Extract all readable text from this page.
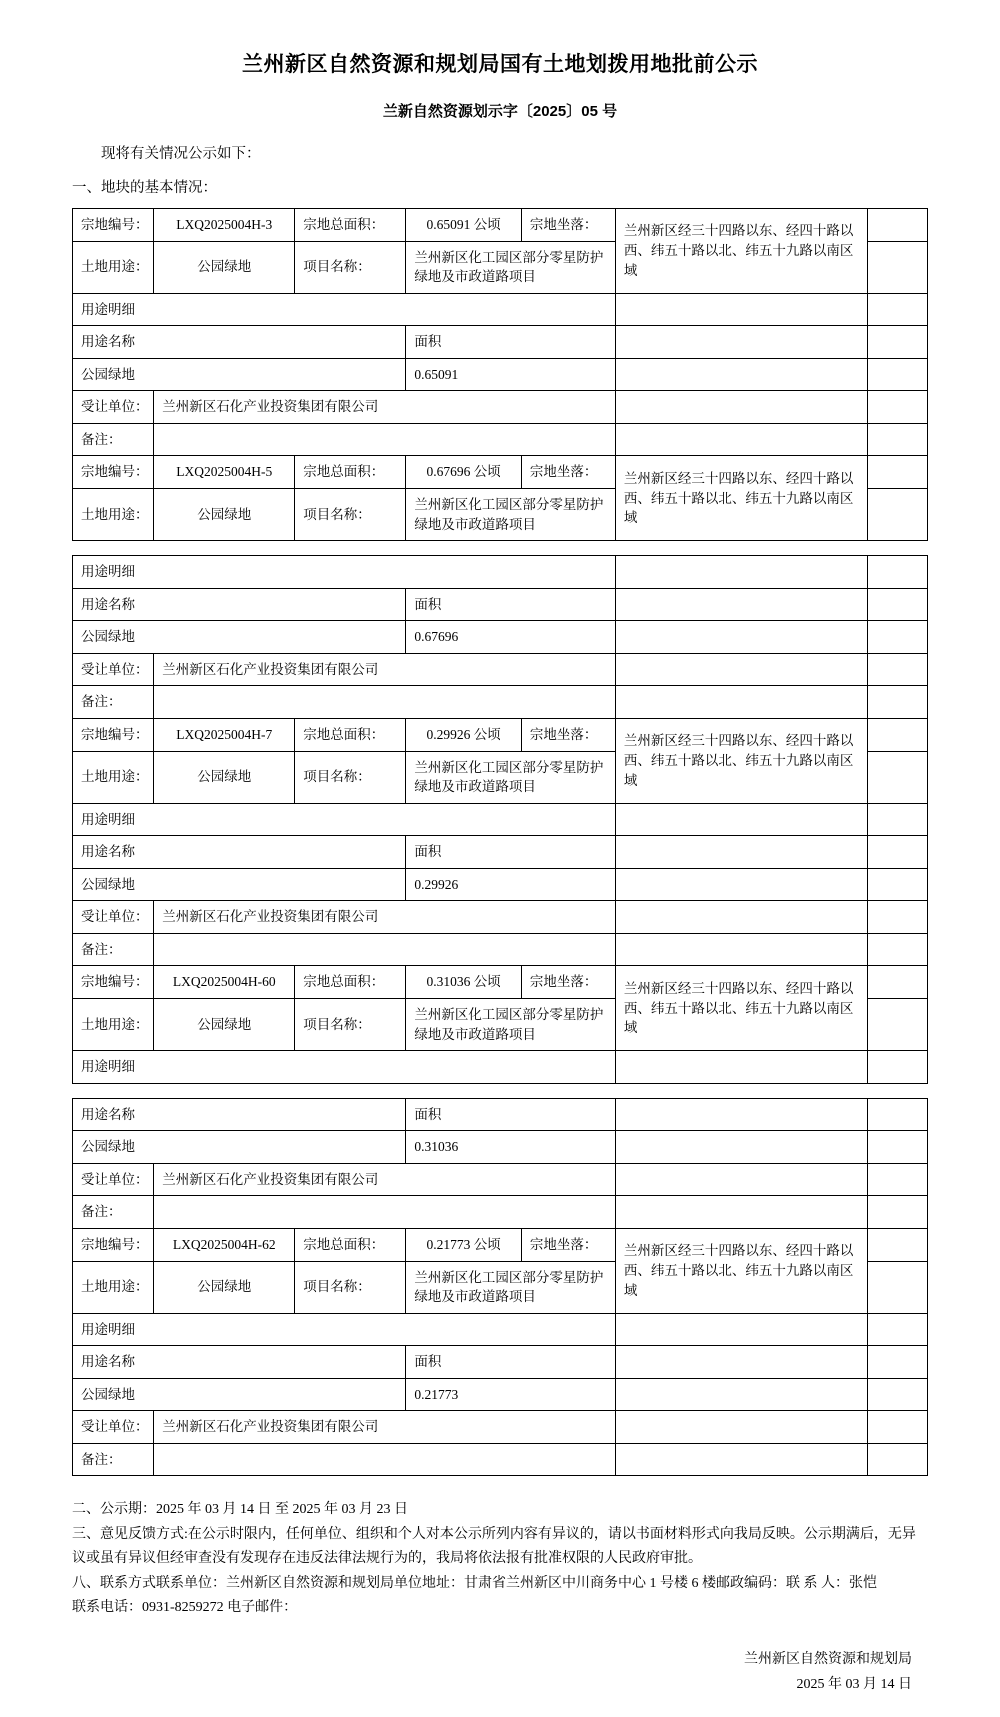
兰州新区自然资源和规划局国有土地划拨用地批前公示
兰新自然资源划示字〔2025〕05 号

现将有关情况公示如下：

一、地块的基本情况：

宗地编号：	LXQ2025004H-3	宗地总面积：	0.65091 公顷	宗地坐落：	兰州新区经三十四路以东、经四十路以西、纬五十路以北、纬五十九路以南区域	
土地用途：	公园绿地	项目名称：	兰州新区化工园区部分零星防护绿地及市政道路项目			
用途明细						
用途名称			面积			
公园绿地			0.65091			
受让单位：	兰州新区石化产业投资集团有限公司					
备注：						
宗地编号：	LXQ2025004H-5	宗地总面积：	0.67696 公顷	宗地坐落：	兰州新区经三十四路以东、经四十路以西、纬五十路以北、纬五十九路以南区域	
土地用途：	公园绿地	项目名称：	兰州新区化工园区部分零星防护绿地及市政道路项目			
用途明细						
用途名称			面积			
公园绿地			0.67696			
受让单位：	兰州新区石化产业投资集团有限公司					
备注：						
宗地编号：	LXQ2025004H-7	宗地总面积：	0.29926 公顷	宗地坐落：	兰州新区经三十四路以东、经四十路以西、纬五十路以北、纬五十九路以南区域	
土地用途：	公园绿地	项目名称：	兰州新区化工园区部分零星防护绿地及市政道路项目			
用途明细						
用途名称			面积			
公园绿地			0.29926			
受让单位：	兰州新区石化产业投资集团有限公司					
备注：						
宗地编号：	LXQ2025004H-60	宗地总面积：	0.31036 公顷	宗地坐落：	兰州新区经三十四路以东、经四十路以西、纬五十路以北、纬五十九路以南区域	
土地用途：	公园绿地	项目名称：	兰州新区化工园区部分零星防护绿地及市政道路项目			
用途明细						
用途名称			面积			
公园绿地			0.31036			
受让单位：	兰州新区石化产业投资集团有限公司					
备注：						
宗地编号：	LXQ2025004H-62	宗地总面积：	0.21773 公顷	宗地坐落：	兰州新区经三十四路以东、经四十路以西、纬五十路以北、纬五十九路以南区域	
土地用途：	公园绿地	项目名称：	兰州新区化工园区部分零星防护绿地及市政道路项目			
用途明细						
用途名称			面积			
公园绿地			0.21773			
受让单位：	兰州新区石化产业投资集团有限公司					
备注：						

二、公示期：2025 年 03 月 14 日 至 2025 年 03 月 23 日

三、意见反馈方式:在公示时限内，任何单位、组织和个人对本公示所列内容有异议的，请以书面材料形式向我局反映。公示期满后，无异议或虽有异议但经审查没有发现存在违反法律法规行为的，我局将依法报有批准权限的人民政府审批。

八、联系方式联系单位：兰州新区自然资源和规划局单位地址：甘肃省兰州新区中川商务中心 1 号楼 6 楼邮政编码：联 系 人：张恺

联系电话：0931-8259272 电子邮件：

兰州新区自然资源和规划局
2025 年 03 月 14 日
